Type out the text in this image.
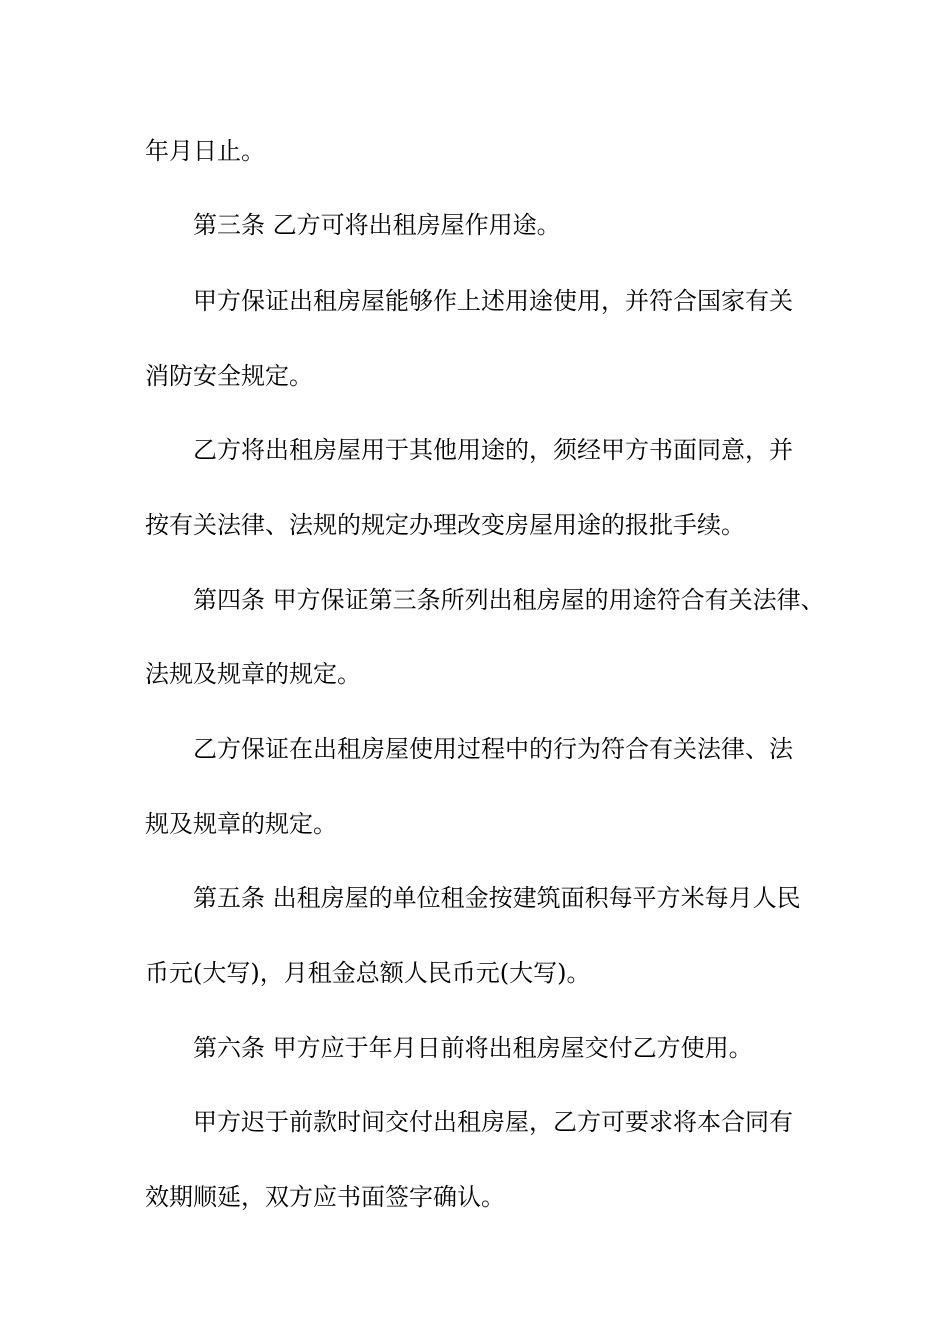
年月日止。

第三条 乙方可将出租房屋作用途。

甲方保证出租房屋能够作上述用途使用，并符合国家有关

消防安全规定。

乙方将出租房屋用于其他用途的，须经甲方书面同意，并

按有关法律、法规的规定办理改变房屋用途的报批手续。

第四条 甲方保证第三条所列出租房屋的用途符合有关法律、

法规及规章的规定。

乙方保证在出租房屋使用过程中的行为符合有关法律、法

规及规章的规定。

第五条 出租房屋的单位租金按建筑面积每平方米每月人民

币元(大写)，月租金总额人民币元(大写)。

第六条 甲方应于年月日前将出租房屋交付乙方使用。

甲方迟于前款时间交付出租房屋，乙方可要求将本合同有

效期顺延，双方应书面签字确认。
